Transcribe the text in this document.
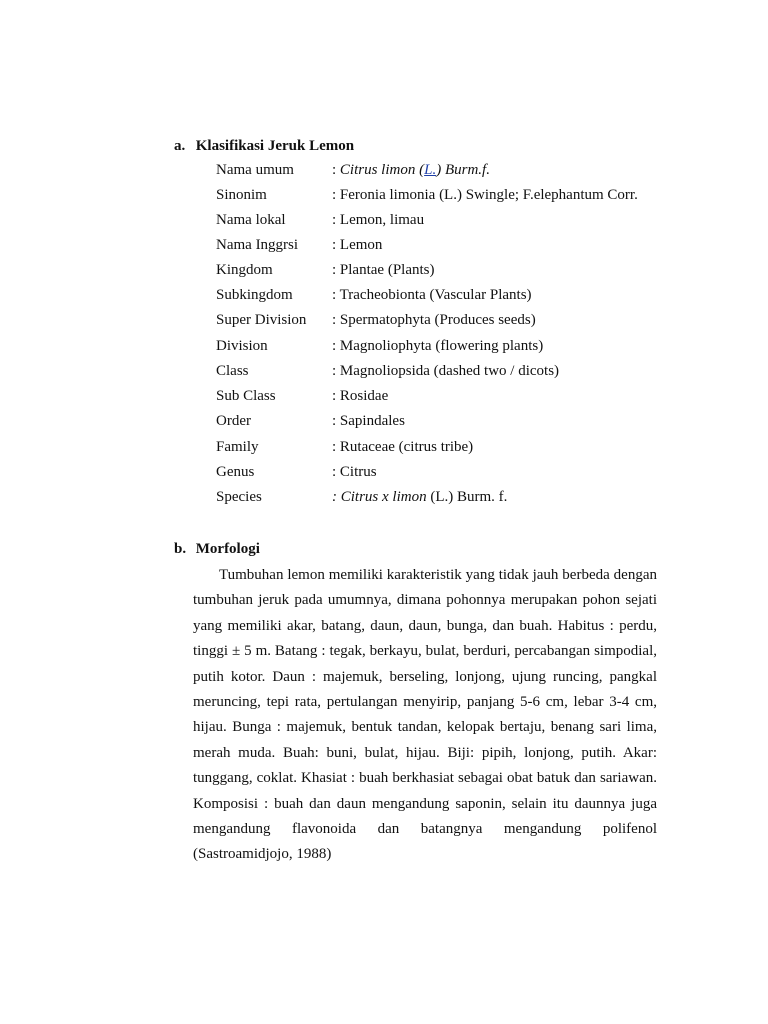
a. Klasifikasi Jeruk Lemon
Nama umum	: Citrus limon (L.) Burm.f.
Sinonim	: Feronia limonia (L.) Swingle; F.elephantum Corr.
Nama lokal	: Lemon, limau
Nama Inggrsi : Lemon
Kingdom	: Plantae (Plants)
Subkingdom	: Tracheobionta (Vascular Plants)
Super Division : Spermatophyta (Produces seeds)
Division	: Magnoliophyta (flowering plants)
Class	: Magnoliopsida (dashed two / dicots)
Sub Class	: Rosidae
Order	: Sapindales
Family	: Rutaceae (citrus tribe)
Genus	: Citrus
Species	: Citrus x limon (L.) Burm. f.
b. Morfologi
Tumbuhan lemon memiliki karakteristik yang tidak jauh berbeda dengan tumbuhan jeruk pada umumnya, dimana pohonnya merupakan pohon sejati yang memiliki akar, batang, daun, daun, bunga, dan buah. Habitus : perdu, tinggi ± 5 m. Batang : tegak, berkayu, bulat, berduri, percabangan simpodial, putih kotor. Daun : majemuk, berseling, lonjong, ujung runcing, pangkal meruncing, tepi rata, pertulangan menyirip, panjang 5-6 cm, lebar 3-4 cm, hijau. Bunga : majemuk, bentuk tandan, kelopak bertaju, benang sari lima, merah muda. Buah: buni, bulat, hijau. Biji: pipih, lonjong, putih. Akar: tunggang, coklat. Khasiat : buah berkhasiat sebagai obat batuk dan sariawan. Komposisi : buah dan daun mengandung saponin, selain itu daunnya juga mengandung flavonoida dan batangnya mengandung polifenol (Sastroamidjojo, 1988)
